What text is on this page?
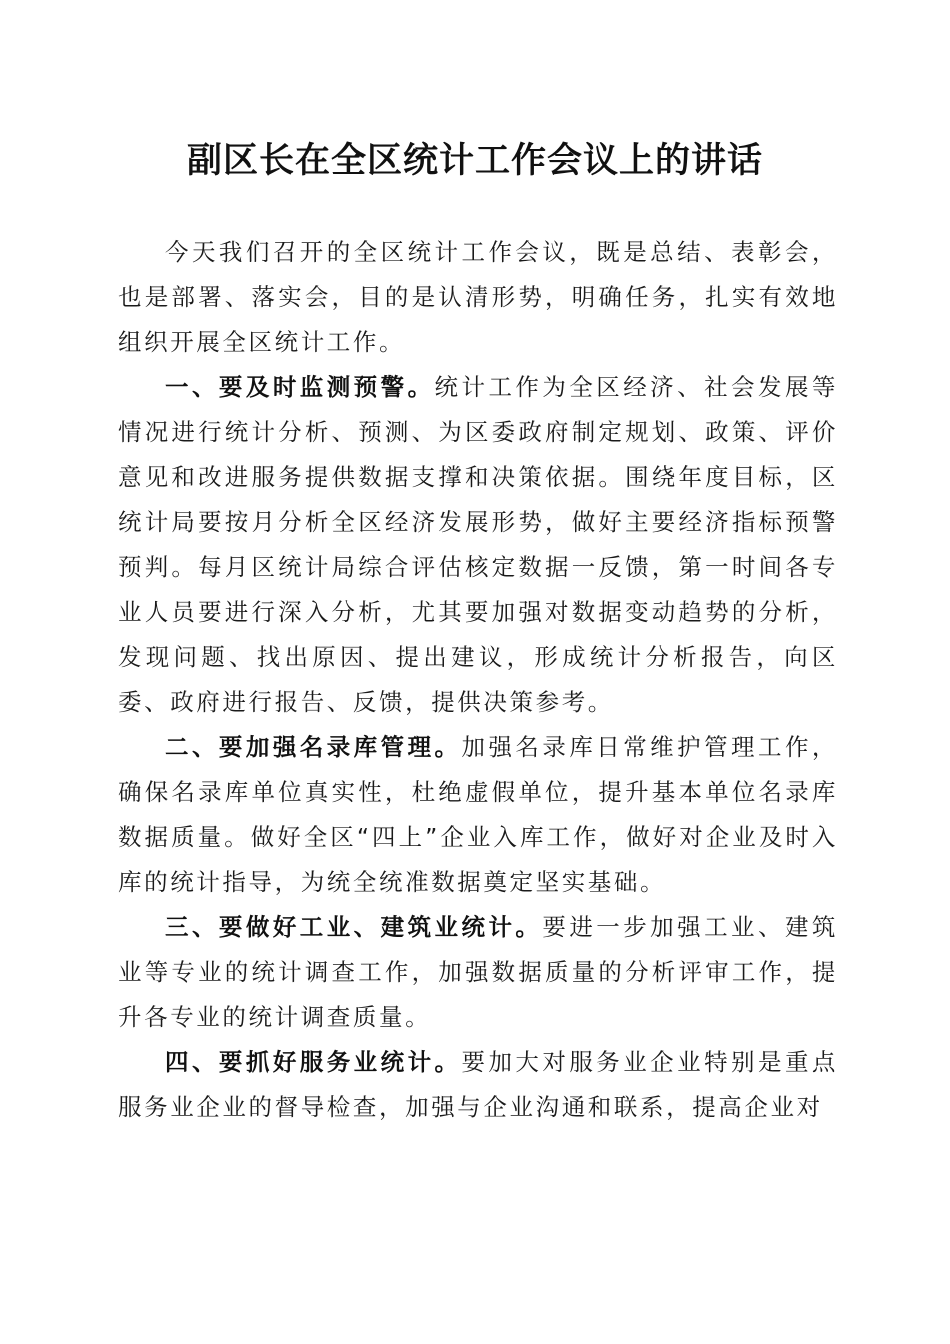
副区长在全区统计工作会议上的讲话

今天我们召开的全区统计工作会议，既是总结、表彰会，也是部署、落实会，目的是认清形势，明确任务，扎实有效地组织开展全区统计工作。

一、要及时监测预警。统计工作为全区经济、社会发展等情况进行统计分析、预测、为区委政府制定规划、政策、评价意见和改进服务提供数据支撑和决策依据。围绕年度目标，区统计局要按月分析全区经济发展形势，做好主要经济指标预警预判。每月区统计局综合评估核定数据一反馈，第一时间各专业人员要进行深入分析，尤其要加强对数据变动趋势的分析，发现问题、找出原因、提出建议，形成统计分析报告，向区委、政府进行报告、反馈，提供决策参考。

二、要加强名录库管理。加强名录库日常维护管理工作，确保名录库单位真实性，杜绝虚假单位，提升基本单位名录库数据质量。做好全区“四上”企业入库工作，做好对企业及时入库的统计指导，为统全统准数据奠定坚实基础。

三、要做好工业、建筑业统计。要进一步加强工业、建筑业等专业的统计调查工作，加强数据质量的分析评审工作，提升各专业的统计调查质量。

四、要抓好服务业统计。要加大对服务业企业特别是重点服务业企业的督导检查，加强与企业沟通和联系，提高企业对
